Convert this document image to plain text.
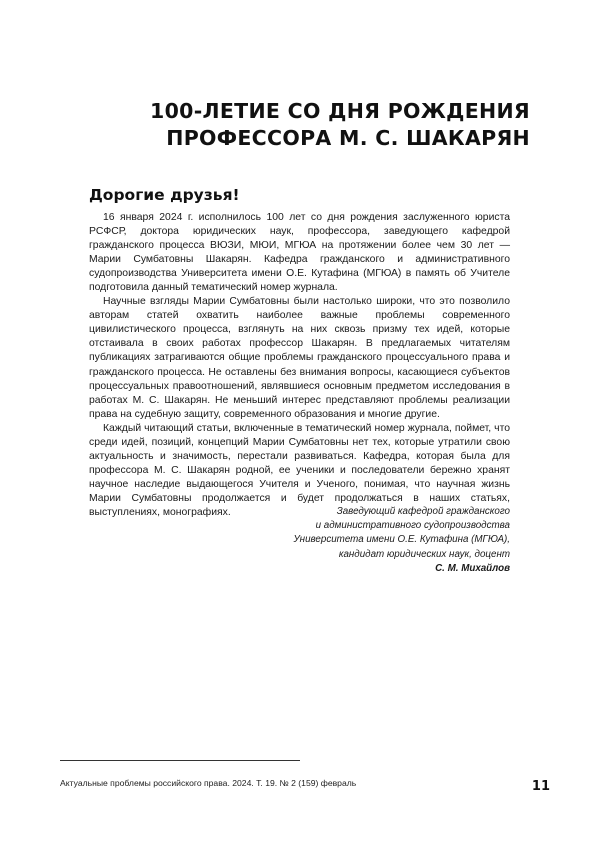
100-ЛЕТИЕ СО ДНЯ РОЖДЕНИЯ
ПРОФЕССОРА М. С. ШАКАРЯН
Дорогие друзья!

16 января 2024 г. исполнилось 100 лет со дня рождения заслуженного юриста РСФСР, доктора юридических наук, профессора, заведующего кафедрой гражданского процесса ВЮЗИ, МЮИ, МГЮА на протяжении более чем 30 лет — Марии Сумбатовны Шакарян. Кафедра гражданского и административного судопроизводства Университета имени О.Е. Кутафина (МГЮА) в память об Учителе подготовила данный тематический номер журнала.

Научные взгляды Марии Сумбатовны были настолько широки, что это позволило авторам статей охватить наиболее важные проблемы современного цивилистического процесса, взглянуть на них сквозь призму тех идей, которые отстаивала в своих работах профессор Шакарян. В предлагаемых читателям публикациях затрагиваются общие проблемы гражданского процессуального права и гражданского процесса. Не оставлены без внимания вопросы, касающиеся субъектов процессуальных правоотношений, являвшиеся основным предметом исследования в работах М. С. Шакарян. Не меньший интерес представляют проблемы реализации права на судебную защиту, современного образования и многие другие.

Каждый читающий статьи, включенные в тематический номер журнала, поймет, что среди идей, позиций, концепций Марии Сумбатовны нет тех, которые утратили свою актуальность и значимость, перестали развиваться. Кафедра, которая была для профессора М. С. Шакарян родной, ее ученики и последователи бережно хранят научное наследие выдающегося Учителя и Ученого, понимая, что научная жизнь Марии Сумбатовны продолжается и будет продолжаться в наших статьях, выступлениях, монографиях.	Заведующий кафедрой гражданского
и административного судопроизводства
Университета имени О.Е. Кутафина (МГЮА),
кандидат юридических наук, доцент
С. М. Михайлов
Актуальные проблемы российского права. 2024. Т. 19. № 2 (159) февраль	11
